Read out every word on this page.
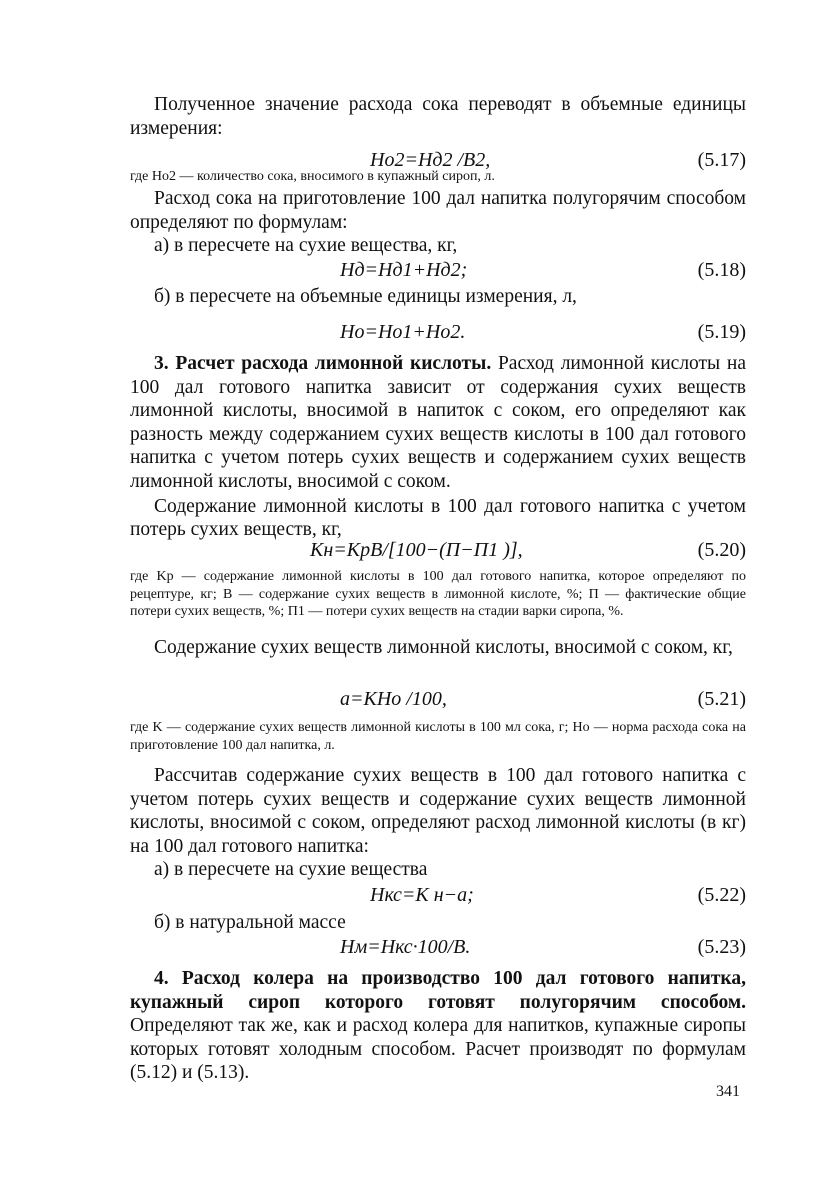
Полученное значение расхода сока переводят в объемные единицы измерения:

Hо2=Hд2 /B2,	(5.17)

где Hо2 — количество сока, вносимого в купажный сироп, л.

Расход сока на приготовление 100 дал напитка полугорячим способом определяют по формулам:

а) в пересчете на сухие вещества, кг,

Hд=Hд1+Hд2;	(5.18)

б) в пересчете на объемные единицы измерения, л,

Hо=Hо1+Hо2.	(5.19)

3. Расчет расхода лимонной кислоты. Расход лимонной кислоты на 100 дал готового напитка зависит от содержания сухих веществ лимонной кислоты, вносимой в напиток с соком, его определяют как разность между содержанием сухих веществ кислоты в 100 дал готового напитка с учетом потерь сухих веществ и содержанием сухих веществ лимонной кислоты, вносимой с соком.

Содержание лимонной кислоты в 100 дал готового напитка с учетом потерь сухих веществ, кг,

Kн=KрB/[100−(П−П1 )],	(5.20)

где Kр — содержание лимонной кислоты в 100 дал готового напитка, которое определяют по рецептуре, кг; B — содержание сухих веществ в лимонной кислоте, %; П — фактические общие потери сухих веществ, %; П1 — потери сухих веществ на стадии варки сиропа, %.

Содержание сухих веществ лимонной кислоты, вносимой с соком, кг,

a=KHо /100,	(5.21)

где K — содержание сухих веществ лимонной кислоты в 100 мл сока, г; Hо — норма расхода сока на приготовление 100 дал напитка, л.

Рассчитав содержание сухих веществ в 100 дал готового напитка с учетом потерь сухих веществ и содержание сухих веществ лимонной кислоты, вносимой с соком, определяют расход лимонной кислоты (в кг) на 100 дал готового напитка:

а) в пересчете на сухие вещества

Hкс=K н−a;	(5.22)

б) в натуральной массе

Hм=Hкс·100/B.	(5.23)

4. Расход колера на производство 100 дал готового напитка, купажный сироп которого готовят полугорячим способом. Определяют так же, как и расход колера для напитков, купажные сиропы которых готовят холодным способом. Расчет производят по формулам (5.12) и (5.13).

341
